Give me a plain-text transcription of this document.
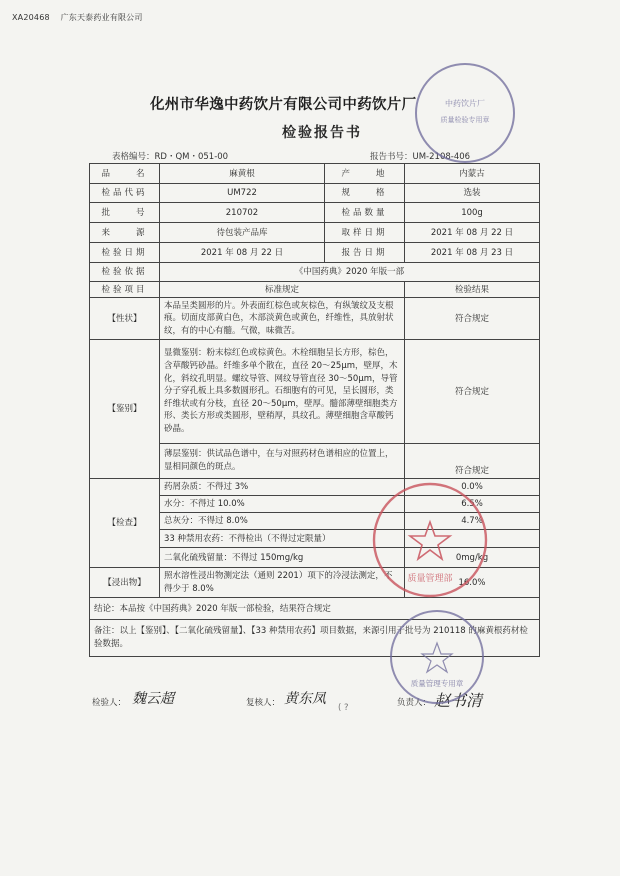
XA20468 广东天泰药业有限公司
化州市华逸中药饮片有限公司中药饮片厂
检验报告书
表格编号：RD・QM・051-00	报告书号：UM-2108-406
品　　名	麻黄根	产　　地	内蒙古
检品代码	UM722	规　　格	选装
批　　号	210702	检品数量	100g
来　　源	待包装产品库	取样日期	2021 年 08 月 22 日
检验日期	2021 年 08 月 22 日	报告日期	2021 年 08 月 23 日
检验依据	《中国药典》2020 年版一部		
检验项目	标准规定		检验结果
【性状】	本品呈类圆形的片。外表面红棕色或灰棕色，有纵皱纹及支根痕。切面皮部黄白色，木部淡黄色或黄色，纤维性，具放射状纹，有的中心有髓。气微，味微苦。		符合规定
【鉴别】	显微鉴别：粉末棕红色或棕黄色。木栓细胞呈长方形，棕色，含草酸钙砂晶。纤维多单个散在，直径 20～25μm，壁厚，木化，斜纹孔明显。螺纹导管、网纹导管直径 30～50μm，导管分子穿孔板上具多数圆形孔。石细胞有的可见，呈长圆形，类纤维状或有分枝，直径 20～50μm，壁厚。髓部薄壁细胞类方形、类长方形或类圆形，壁稍厚，具纹孔。薄壁细胞含草酸钙砂晶。		符合规定
	薄层鉴别：供试品色谱中，在与对照药材色谱相应的位置上，显相同颜色的斑点。		符合规定
【检查】	药屑杂质：不得过 3%		0.0%
	水分：不得过 10.0%		6.5%
	总灰分：不得过 8.0%		4.7%
	33 种禁用农药：不得检出（不得过定限量）		
	二氧化硫残留量：不得过 150mg/kg		0mg/kg
【浸出物】	照水溶性浸出物测定法（通则 2201）项下的冷浸法测定，不得少于 8.0%		16.0%
结论：本品按《中国药典》2020 年版一部检验，结果符合规定			
备注：以上【鉴别】、【二氧化硫残留量】、【33 种禁用农药】项目数据，来源引用于批号为 210118 的麻黄根药材检验数据。			
检验人： 魏云超	复核人： 黄东凤
( ?	负责人： 赵书清
中药饮片厂
质量检验专用章
质量管理部
质量管理专用章
